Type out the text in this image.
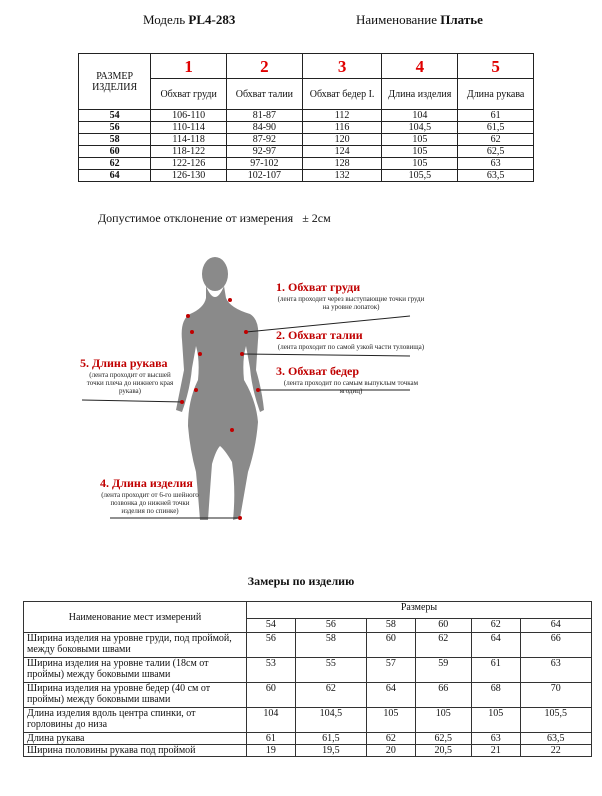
Модель PL4-283	Наименование Платье
РАЗМЕР ИЗДЕЛИЯ	1	2	3	4	5
	Обхват груди	Обхват талии	Обхват бедер I.	Длина изделия	Длина рукава
54	106-110	81-87	112	104	61
56	110-114	84-90	116	104,5	61,5
58	114-118	87-92	120	105	62
60	118-122	92-97	124	105	62,5
62	122-126	97-102	128	105	63
64	126-130	102-107	132	105,5	63,5
Допустимое отклонение от измерения ± 2см
1. Обхват груди
(лента проходит через выступающие точки груди на уровне лопаток)
2. Обхват талии
(лента проходит по самой узкой части туловища)
3. Обхват бедер
(лента проходит по самым выпуклым точкам ягодиц)
4. Длина изделия
(лента проходит от 6-го шейного позвонка до нижней точки изделия по спинке)
5. Длина рукава
(лента проходит от высшей точки плеча до нижнего края рукава)
Замеры по изделию
Наименование мест измерений	Размеры					
	54	56	58	60	62	64
Ширина изделия на уровне груди, под проймой, между боковыми швами	56	58	60	62	64	66
Ширина изделия на уровне талии (18см от проймы) между боковыми швами	53	55	57	59	61	63
Ширина изделия на уровне бедер (40 см от проймы) между боковыми швами	60	62	64	66	68	70
Длина изделия вдоль центра спинки, от горловины до низа	104	104,5	105	105	105	105,5
Длина рукава	61	61,5	62	62,5	63	63,5
Ширина половины рукава под проймой	19	19,5	20	20,5	21	22
